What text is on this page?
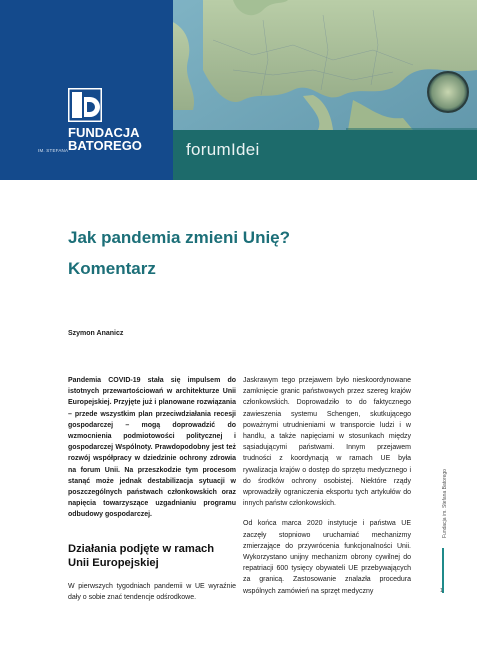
FUNDACJA
BATOREGO
IM. STEFANA	forumIdei
Jak pandemia zmieni Unię?
Komentarz
Szymon Ananicz

Pandemia COVID-19 stała się impulsem do istotnych przewartościowań w architekturze Unii Europejskiej. Przyjęte już i planowane rozwiązania – przede wszystkim plan przeciwdziałania recesji gospodarczej – mogą doprowadzić do wzmocnienia podmiotowości politycznej i gospodarczej Wspólnoty. Prawdopodobny jest też rozwój współpracy w dziedzinie ochrony zdrowia na forum Unii. Na przeszkodzie tym procesom stanąć może jednak destabilizacja sytuacji w poszczególnych państwach członkowskich oraz napięcia towarzyszące uzgadnianiu programu odbudowy gospodarczej.

Działania podjęte w ramach Unii Europejskiej

W pierwszych tygodniach pandemii w UE wyraźnie dały o sobie znać tendencje odśrodkowe.

Jaskrawym tego przejawem było nieskoordynowane zamknięcie granic państwowych przez szereg krajów członkowskich. Doprowadziło to do faktycznego zawieszenia systemu Schengen, skutkującego poważnymi utrudnieniami w transporcie ludzi i w handlu, a także napięciami w stosunkach między sąsiadującymi państwami. Innym przejawem trudności z koordynacją w ramach UE była rywalizacja krajów o dostęp do sprzętu medycznego i do środków ochrony osobistej. Niektóre rządy wprowadziły ograniczenia eksportu tych artykułów do innych państw członkowskich.

Od końca marca 2020 instytucje i państwa UE zaczęły stopniowo uruchamiać mechanizmy zmierzające do przywrócenia funkcjonalności Unii. Wykorzystano unijny mechanizm obrony cywilnej do repatriacji 600 tysięcy obywateli UE przebywających za granicą. Zastosowanie znalazła procedura wspólnych zamówień na sprzęt medyczny

Fundacja im. Stefana Batorego
1
